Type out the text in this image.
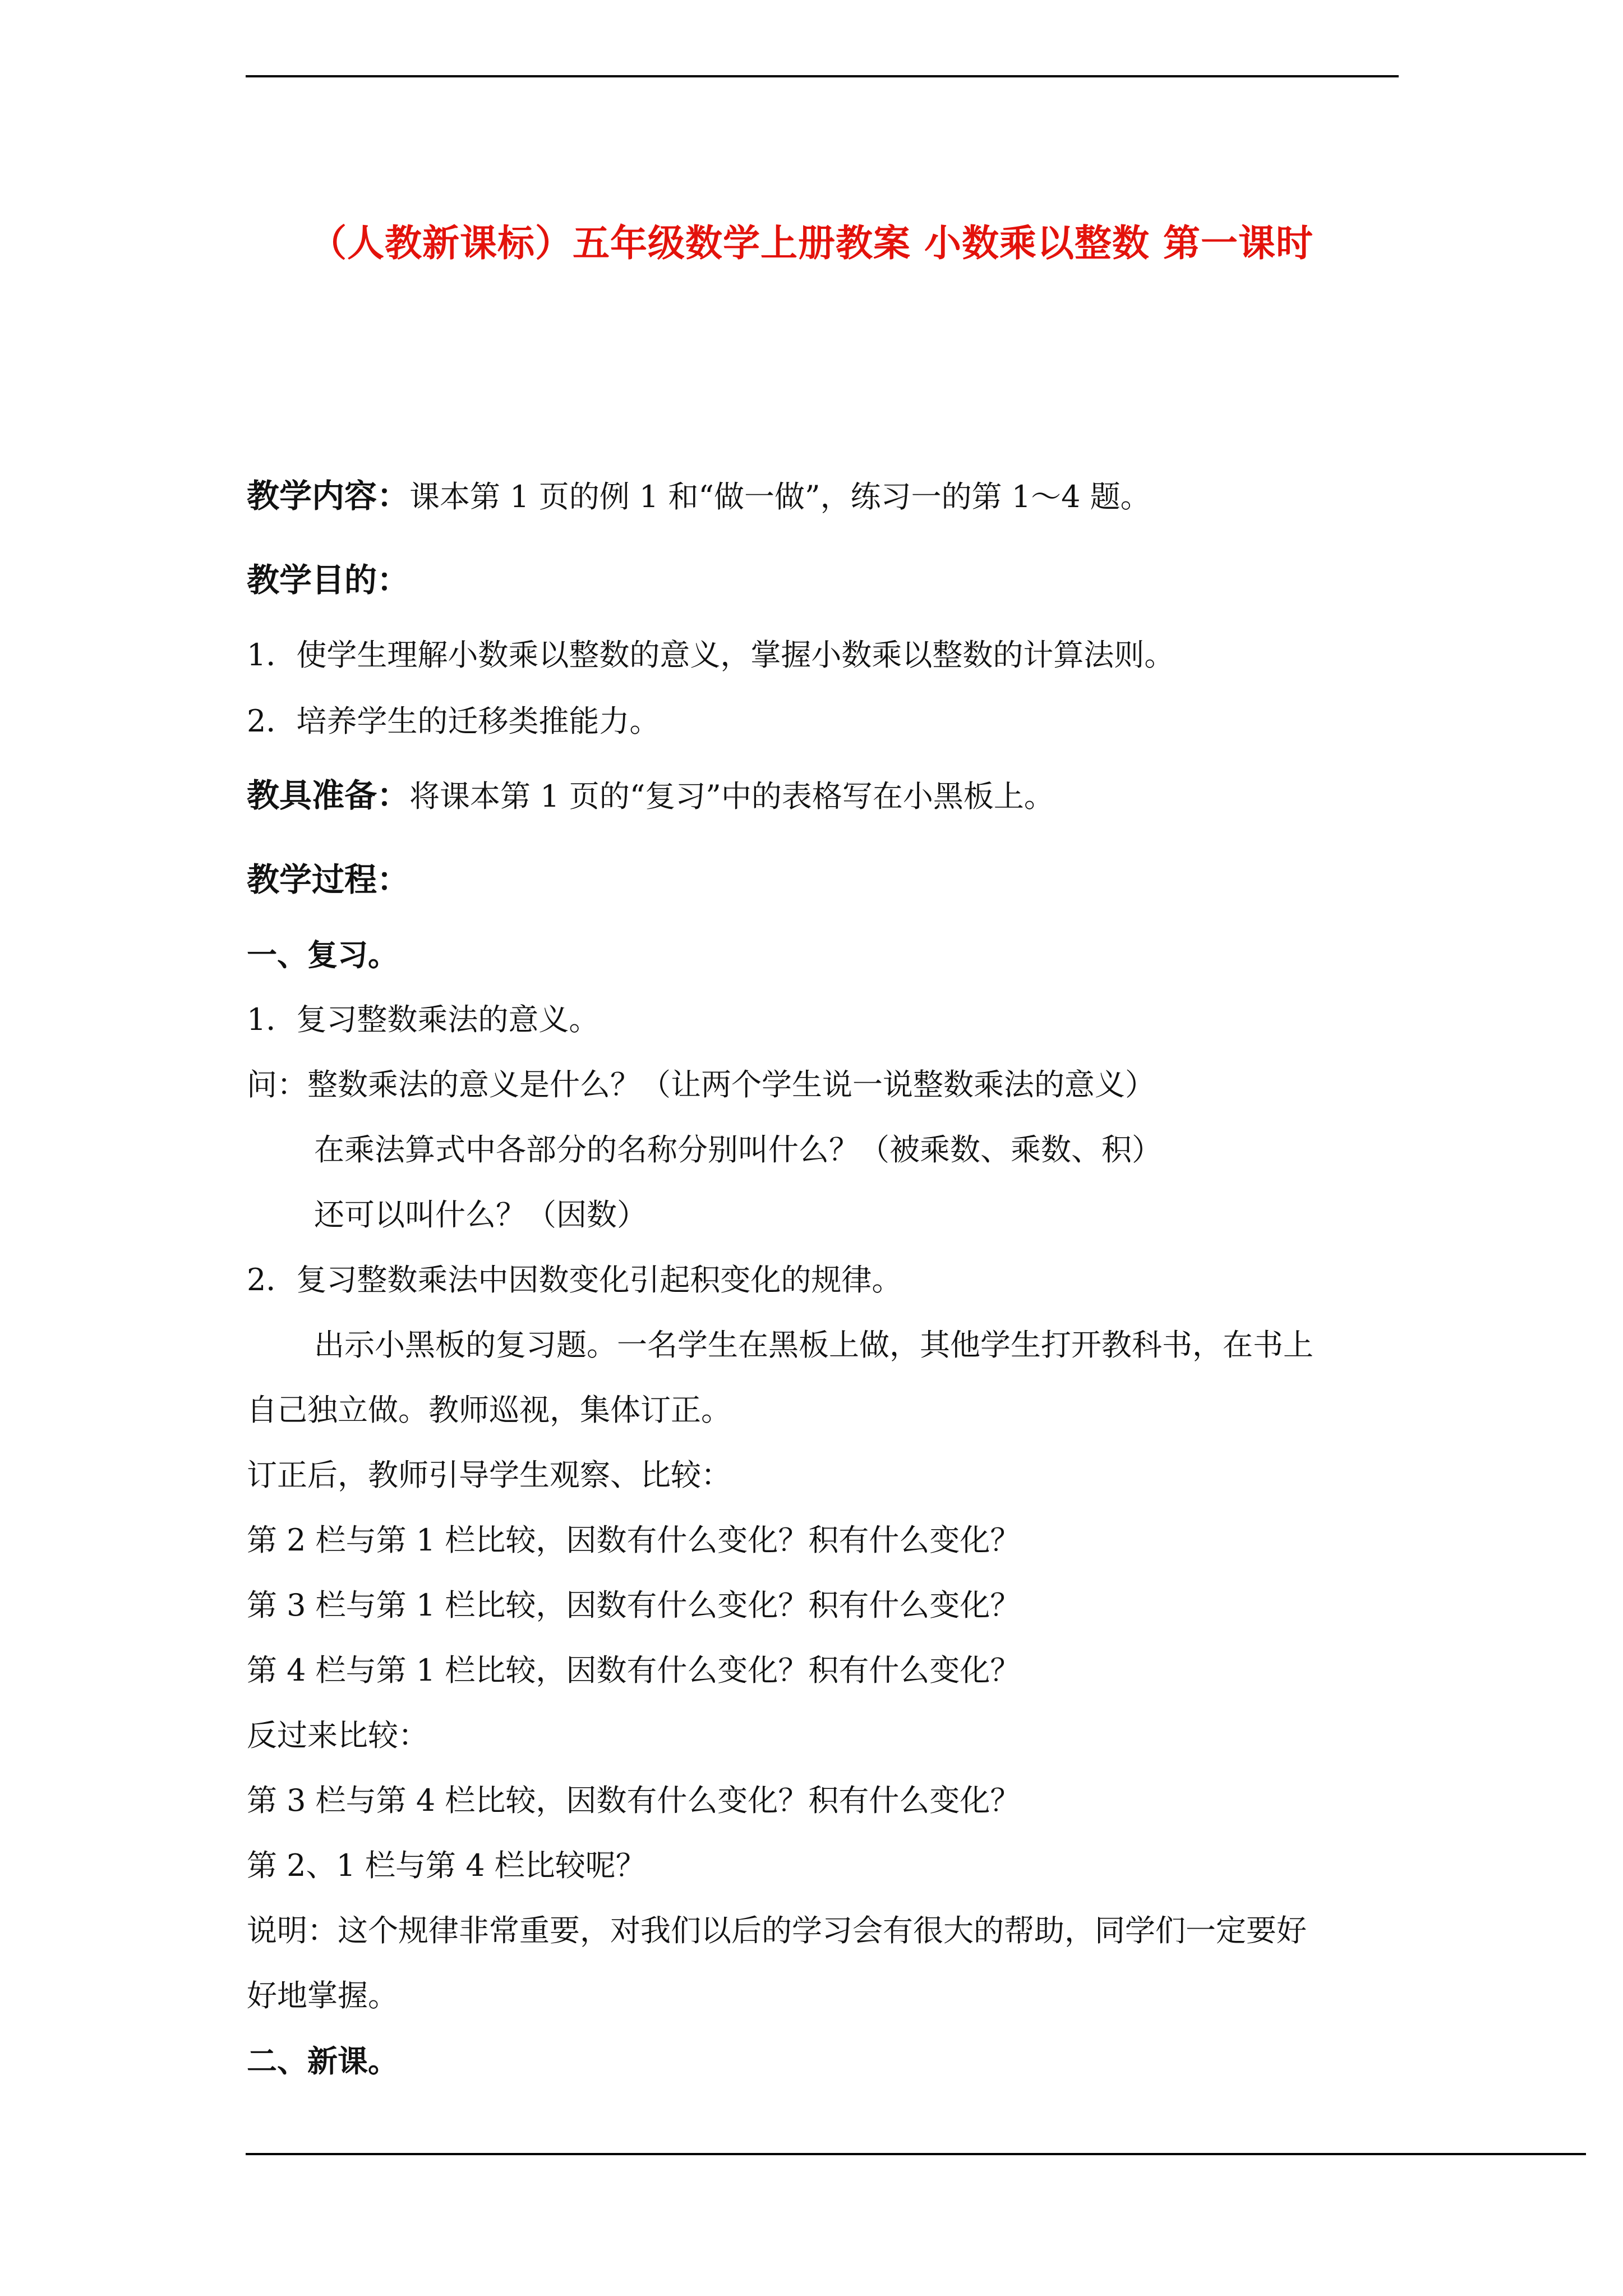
（人教新课标）五年级数学上册教案 小数乘以整数 第一课时
教学内容：课本第 1 页的例 1 和“做一做”，练习一的第 1～4 题。
教学目的：
1．使学生理解小数乘以整数的意义，掌握小数乘以整数的计算法则。
2．培养学生的迁移类推能力。
教具准备：将课本第 1 页的“复习”中的表格写在小黑板上。
教学过程：
一、复习。
1．复习整数乘法的意义。
问：整数乘法的意义是什么？（让两个学生说一说整数乘法的意义）
在乘法算式中各部分的名称分别叫什么？（被乘数、乘数、积）
还可以叫什么？（因数）
2．复习整数乘法中因数变化引起积变化的规律。
出示小黑板的复习题。一名学生在黑板上做，其他学生打开教科书，在书上
自己独立做。教师巡视，集体订正。
订正后，教师引导学生观察、比较：
第 2 栏与第 1 栏比较，因数有什么变化？积有什么变化？
第 3 栏与第 1 栏比较，因数有什么变化？积有什么变化？
第 4 栏与第 1 栏比较，因数有什么变化？积有什么变化？
反过来比较：
第 3 栏与第 4 栏比较，因数有什么变化？积有什么变化？
第 2、1 栏与第 4 栏比较呢？
说明：这个规律非常重要，对我们以后的学习会有很大的帮助，同学们一定要好
好地掌握。
二、新课。
